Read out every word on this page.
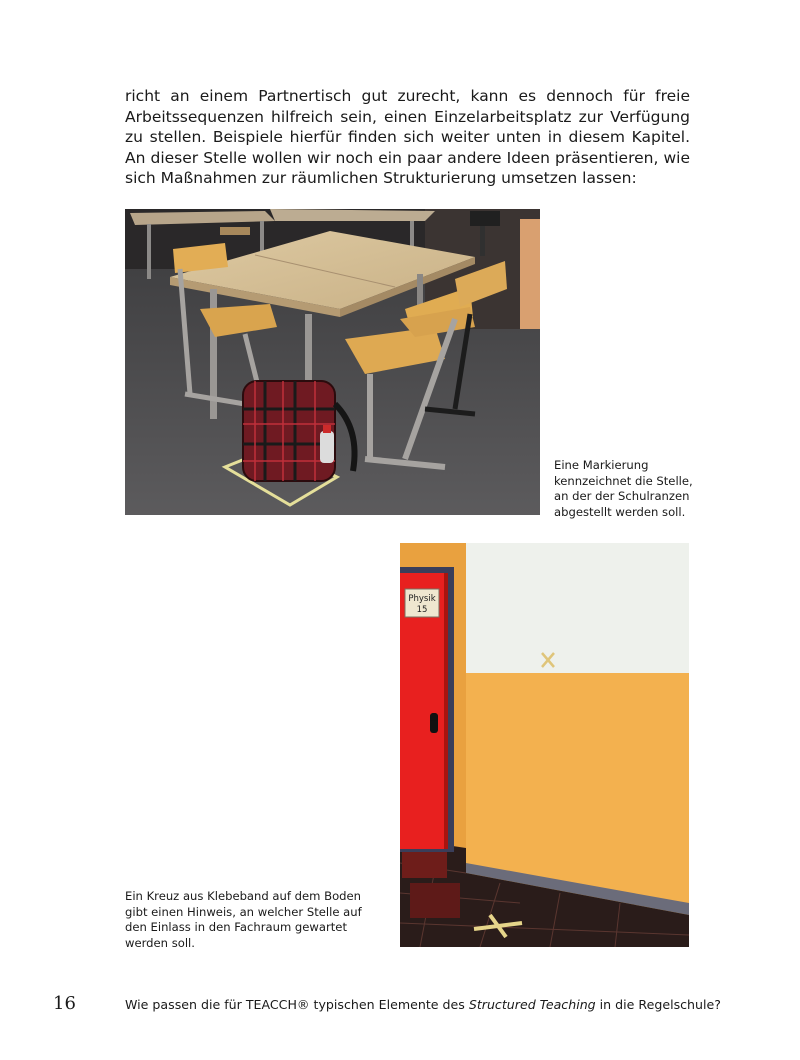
richt an einem Partnertisch gut zurecht, kann es dennoch für freie Arbeitssequenzen hilfreich sein, einen Einzelarbeitsplatz zur Verfügung zu stellen. Beispiele hierfür finden sich weiter unten in diesem Kapitel. An dieser Stelle wollen wir noch ein paar andere Ideen präsentieren, wie sich Maßnahmen zur räumlichen Strukturierung umsetzen lassen:

Eine Markierung kennzeichnet die Stelle, an der der Schulranzen abgestellt werden soll.

Physik
15

Ein Kreuz aus Klebeband auf dem Boden gibt einen Hinweis, an welcher Stelle auf den Einlass in den Fachraum gewartet werden soll.

16	Wie passen die für TEACCH® typischen Elemente des Structured Teaching in die Regelschule?
